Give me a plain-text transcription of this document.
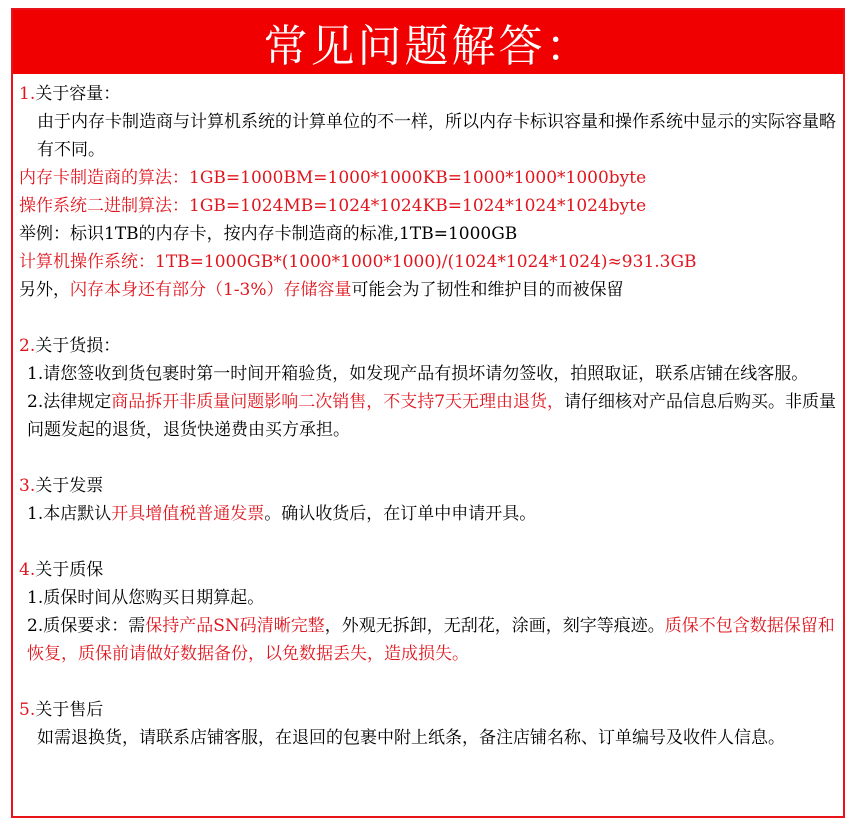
常见问题解答：
1.关于容量：
由于内存卡制造商与计算机系统的计算单位的不一样，所以内存卡标识容量和操作系统中显示的实际容量略有不同。
内存卡制造商的算法：1GB=1000BM=1000*1000KB=1000*1000*1000byte
操作系统二进制算法：1GB=1024MB=1024*1024KB=1024*1024*1024byte
举例：标识1TB的内存卡，按内存卡制造商的标准,1TB=1000GB
计算机操作系统：1TB=1000GB*(1000*1000*1000)/(1024*1024*1024)≈931.3GB
另外，闪存本身还有部分（1-3%）存储容量可能会为了韧性和维护目的而被保留
2.关于货损：
1.请您签收到货包裹时第一时间开箱验货，如发现产品有损坏请勿签收，拍照取证，联系店铺在线客服。
2.法律规定商品拆开非质量问题影响二次销售，不支持7天无理由退货，请仔细核对产品信息后购买。非质量问题发起的退货，退货快递费由买方承担。
3.关于发票
1.本店默认开具增值税普通发票。确认收货后，在订单中申请开具。
4.关于质保
1.质保时间从您购买日期算起。
2.质保要求：需保持产品SN码清晰完整，外观无拆卸，无刮花，涂画，刻字等痕迹。质保不包含数据保留和恢复，质保前请做好数据备份，以免数据丢失，造成损失。
5.关于售后
如需退换货，请联系店铺客服，在退回的包裹中附上纸条，备注店铺名称、订单编号及收件人信息。
